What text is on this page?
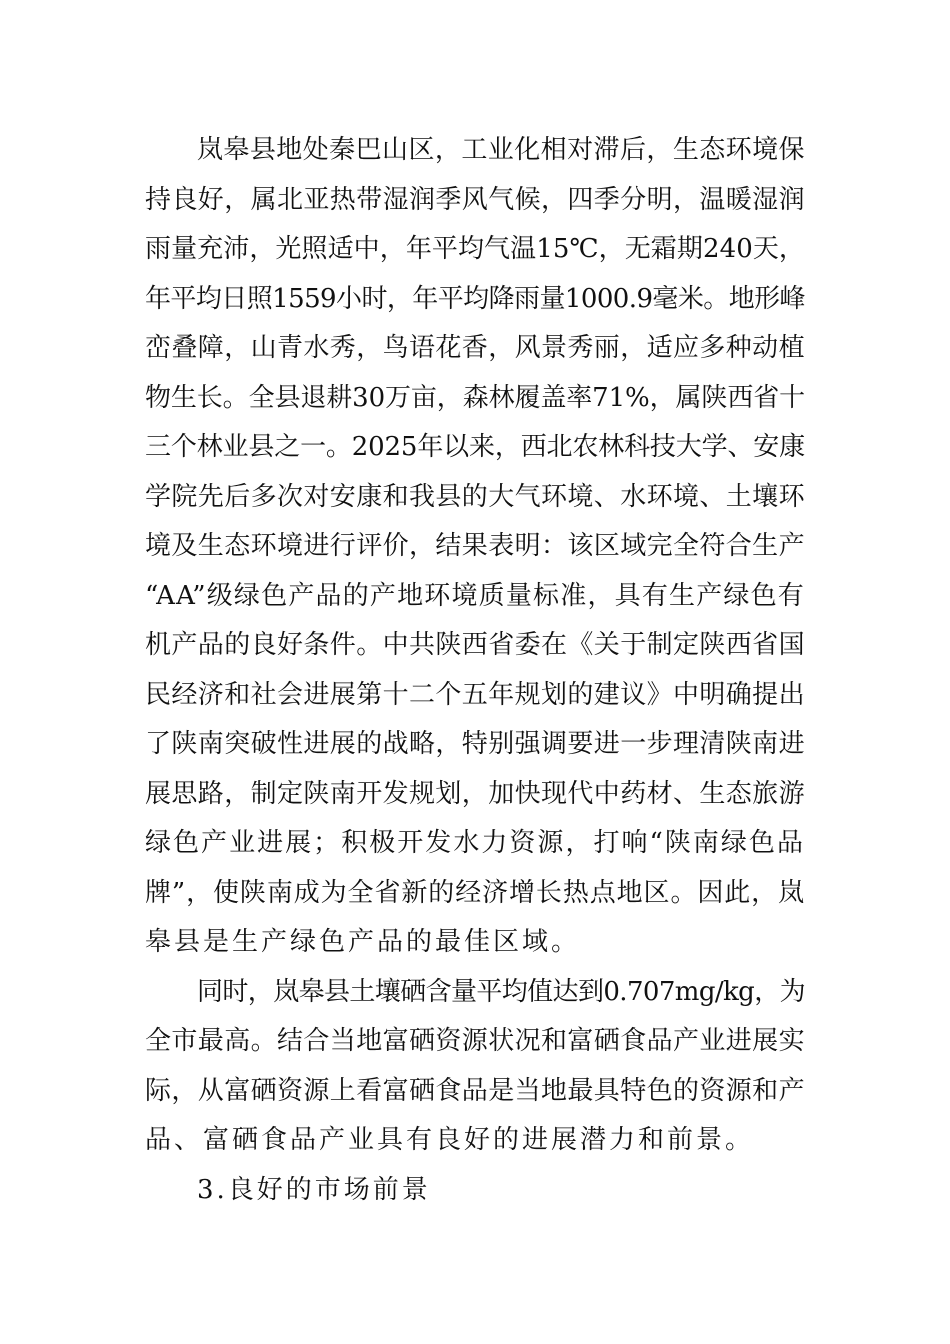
岚皋县地处秦巴山区，工业化相对滞后，生态环境保
持良好，属北亚热带湿润季风气候，四季分明，温暖湿润
雨量充沛，光照适中，年平均气温15℃，无霜期240天，
年平均日照1559小时，年平均降雨量1000.9毫米。地形峰
峦叠障，山青水秀，鸟语花香，风景秀丽，适应多种动植
物生长。全县退耕30万亩，森林履盖率71%，属陕西省十
三个林业县之一。2025年以来，西北农林科技大学、安康
学院先后多次对安康和我县的大气环境、水环境、土壤环
境及生态环境进行评价，结果表明：该区域完全符合生产
“AA”级绿色产品的产地环境质量标准，具有生产绿色有
机产品的良好条件。中共陕西省委在《关于制定陕西省国
民经济和社会进展第十二个五年规划的建议》中明确提出
了陕南突破性进展的战略，特别强调要进一步理清陕南进
展思路，制定陕南开发规划，加快现代中药材、生态旅游
绿色产业进展；积极开发水力资源，打响“陕南绿色品
牌”，使陕南成为全省新的经济增长热点地区。因此，岚
皋县是生产绿色产品的最佳区域。
同时，岚皋县土壤硒含量平均值达到0.707mg/kg，为
全市最高。结合当地富硒资源状况和富硒食品产业进展实
际，从富硒资源上看富硒食品是当地最具特色的资源和产
品、富硒食品产业具有良好的进展潜力和前景。
3.良好的市场前景
